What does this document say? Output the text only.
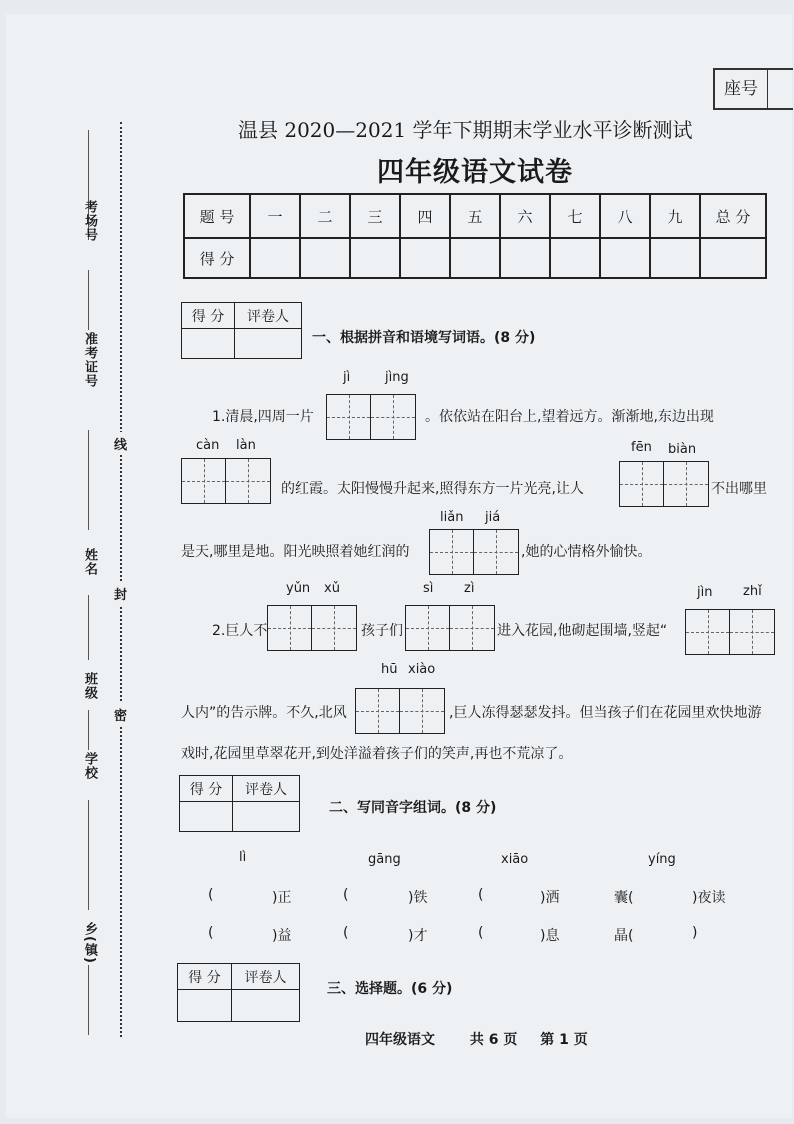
座号
考场号
准考证号
姓名
班级
学校
乡(镇)
线
封
密
温县 2020—2021 学年下期期末学业水平诊断测试
四年级语文试卷
题 号	一	二	三	四	五	六	七	八	九	总 分
得 分										
得 分	评卷人

一、根据拼音和语境写词语。(8 分)
jì	jìng
1.清晨,四周一片	。依依站在阳台上,望着远方。渐渐地,东边出现
càn làn	fēn biàn
的红霞。太阳慢慢升起来,照得东方一片光亮,让人	不出哪里
liǎn jiá
是天,哪里是地。阳光映照着她红润的	,她的心情格外愉快。
yǔn xǔ	sì zì	jìn zhǐ
2.巨人不	孩子们	进入花园,他砌起围墙,竖起“
hū xiào
人内”的告示牌。不久,北风	,巨人冻得瑟瑟发抖。但当孩子们在花园里欢快地游
戏时,花园里草翠花开,到处洋溢着孩子们的笑声,再也不荒凉了。
得 分	评卷人

二、写同音字组词。(8 分)
lì	gāng	xiāo	yíng
(	)正	(	)铁	(	)洒	囊(	)夜读
(	)益	(	)才	(	)息	晶(	)
得 分	评卷人

三、选择题。(6 分)
四年级语文 共 6 页 第 1 页
